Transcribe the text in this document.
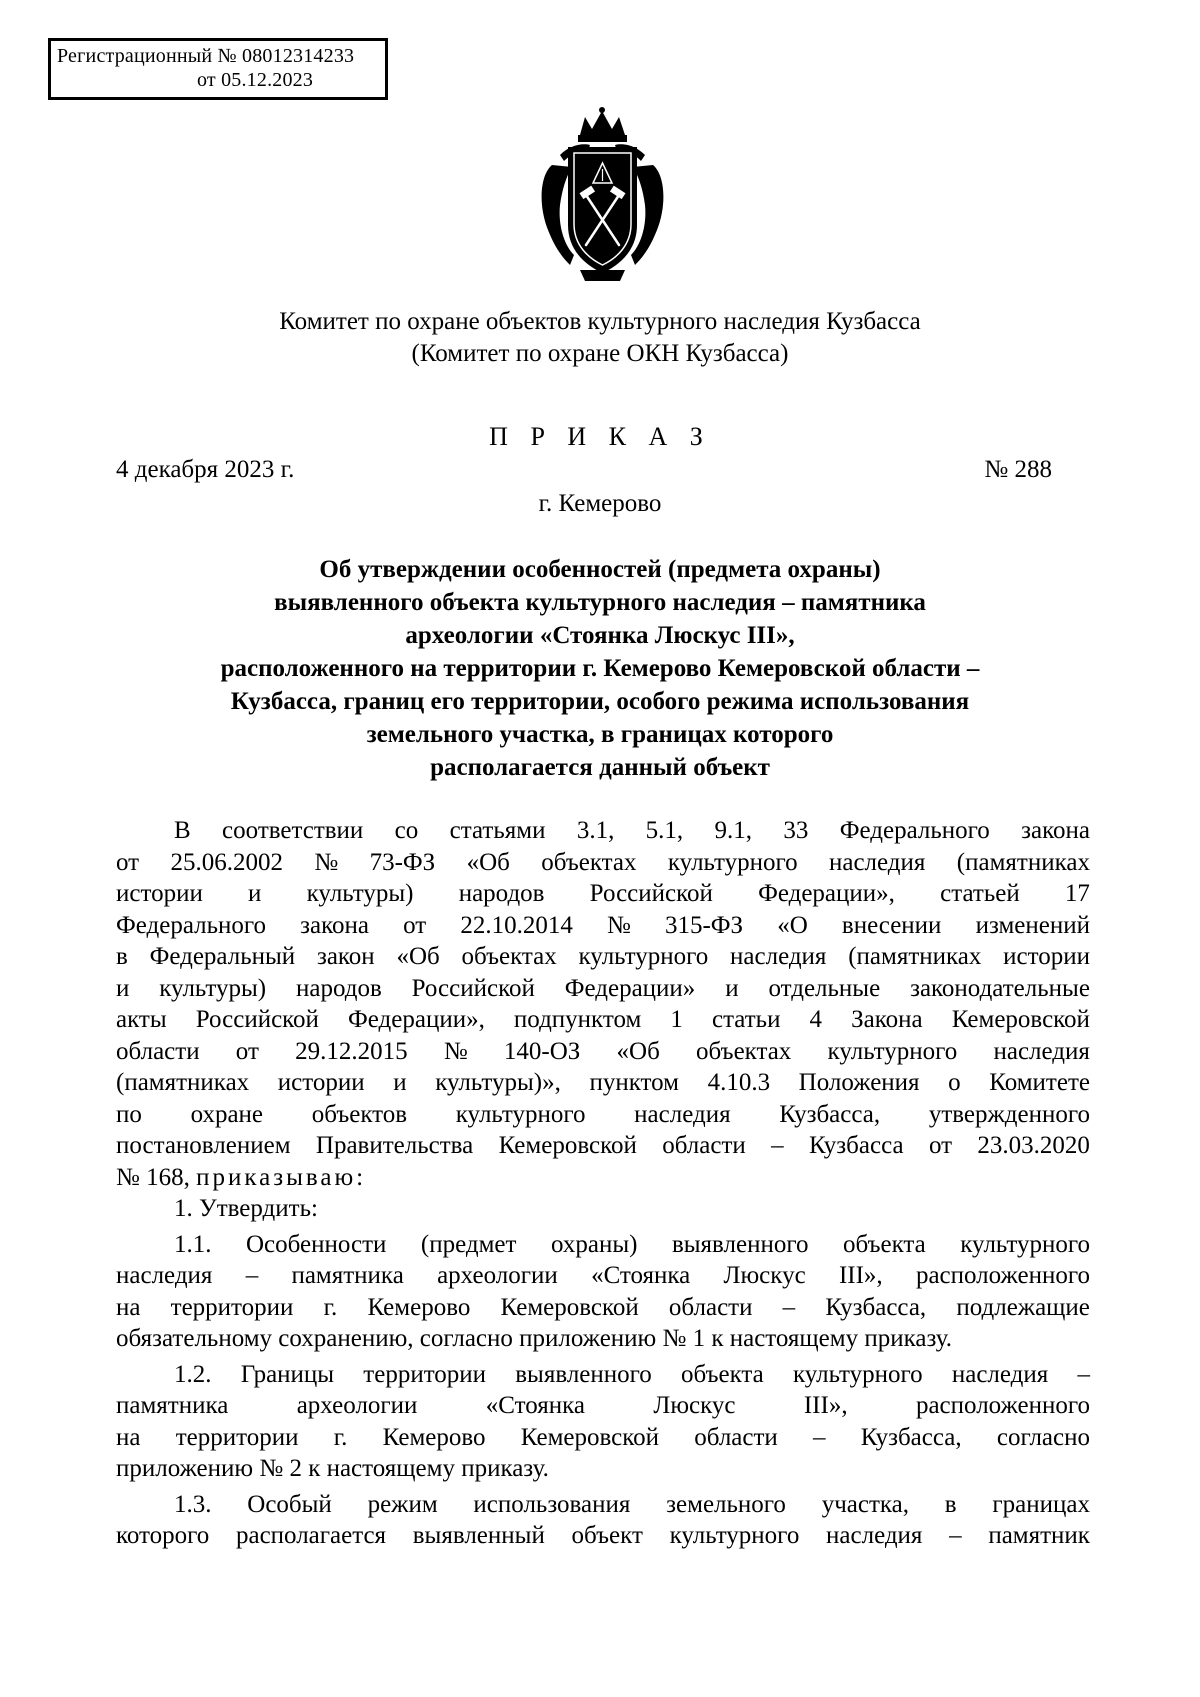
Регистрационный № 08012314233
от 05.12.2023
Комитет по охране объектов культурного наследия Кузбасса
(Комитет по охране ОКН Кузбасса)
П Р И К А З
4 декабря 2023 г.	№ 288
г. Кемерово
Об утверждении особенностей (предмета охраны)
выявленного объекта культурного наследия – памятника
археологии «Стоянка Люскус III»,
расположенного на территории г. Кемерово Кемеровской области –
Кузбасса, границ его территории, особого режима использования
земельного участка, в границах которого
располагается данный объект
В соответствии со статьями 3.1, 5.1, 9.1, 33 Федерального закона
от 25.06.2002 № 73-ФЗ «Об объектах культурного наследия (памятниках
истории и культуры) народов Российской Федерации», статьей 17
Федерального закона от 22.10.2014 № 315-ФЗ «О внесении изменений
в Федеральный закон «Об объектах культурного наследия (памятниках истории
и культуры) народов Российской Федерации» и отдельные законодательные
акты Российской Федерации», подпунктом 1 статьи 4 Закона Кемеровской
области от 29.12.2015 № 140-ОЗ «Об объектах культурного наследия
(памятниках истории и культуры)», пунктом 4.10.3 Положения о Комитете
по охране объектов культурного наследия Кузбасса, утвержденного
постановлением Правительства Кемеровской области – Кузбасса от 23.03.2020
№ 168, приказываю:
1. Утвердить:
1.1. Особенности (предмет охраны) выявленного объекта культурного
наследия – памятника археологии «Стоянка Люскус III», расположенного
на территории г. Кемерово Кемеровской области – Кузбасса, подлежащие
обязательному сохранению, согласно приложению № 1 к настоящему приказу.
1.2. Границы территории выявленного объекта культурного наследия –
памятника	археологии	«Стоянка	Люскус	III»,	расположенного
на территории г. Кемерово Кемеровской области – Кузбасса, согласно
приложению № 2 к настоящему приказу.
1.3. Особый режим использования земельного участка, в границах
которого располагается выявленный объект культурного наследия – памятник
